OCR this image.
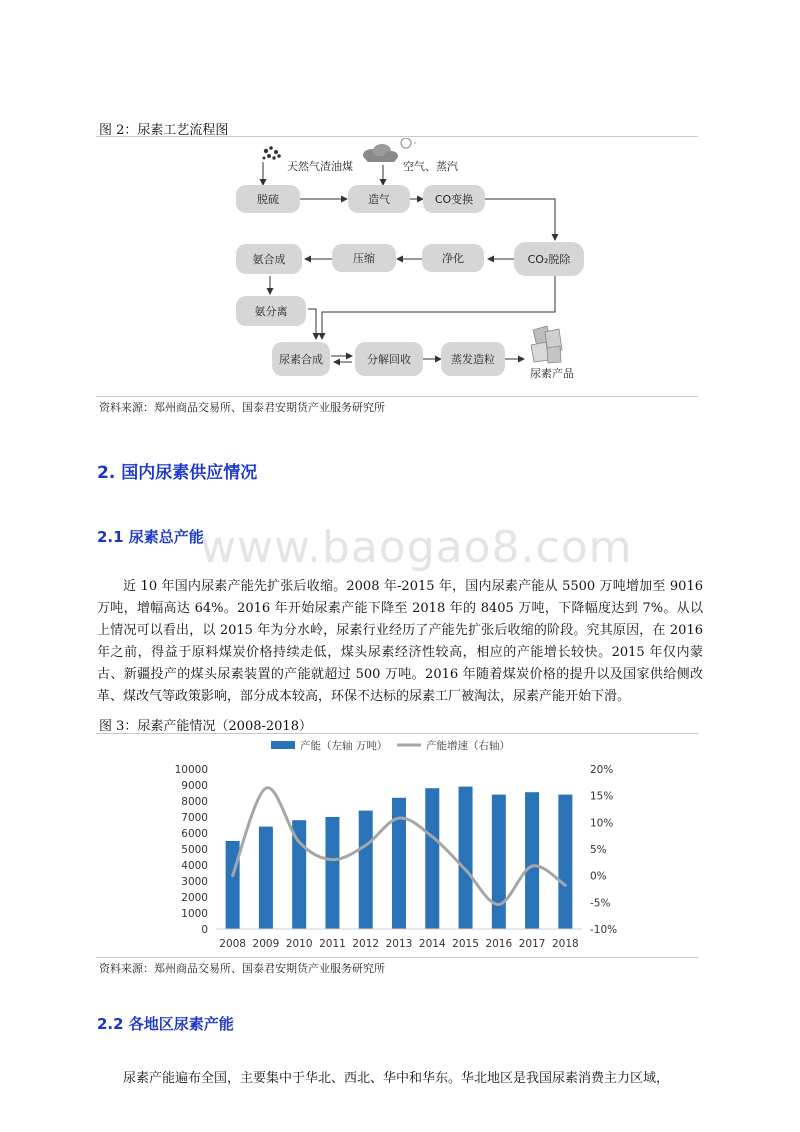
图 2：尿素工艺流程图
天然气渣油煤	空气、蒸汽
脱硫	造气	CO变换
CO₂脱除
净化
压缩
氨合成
氨分离
尿素合成	分解回收	蒸发造粒
尿素产品
资料来源：郑州商品交易所、国泰君安期货产业服务研究所
2. 国内尿素供应情况
2.1 尿素总产能
www.baogao8.com
近 10 年国内尿素产能先扩张后收缩。2008 年-2015 年，国内尿素产能从 5500 万吨增加至 9016 万吨，增幅高达 64%。2016 年开始尿素产能下降至 2018 年的 8405 万吨，下降幅度达到 7%。从以上情况可以看出，以 2015 年为分水岭，尿素行业经历了产能先扩张后收缩的阶段。究其原因，在 2016 年之前，得益于原料煤炭价格持续走低，煤头尿素经济性较高，相应的产能增长较快。2015 年仅内蒙古、新疆投产的煤头尿素装置的产能就超过 500 万吨。2016 年随着煤炭价格的提升以及国家供给侧改革、煤改气等政策影响，部分成本较高，环保不达标的尿素工厂被淘汰，尿素产能开始下滑。
图 3：尿素产能情况（2008-2018）
产能（左轴 万吨）	产能增速（右轴）
0
1000
2000
3000
4000
5000
6000
7000
8000
9000
10000
-10%
-5%
0%
5%
10%
15%
20%
2008 2009 2010 2011 2012 2013 2014 2015 2016 2017 2018
资料来源：郑州商品交易所、国泰君安期货产业服务研究所
2.2 各地区尿素产能
尿素产能遍布全国，主要集中于华北、西北、华中和华东。华北地区是我国尿素消费主力区域，
